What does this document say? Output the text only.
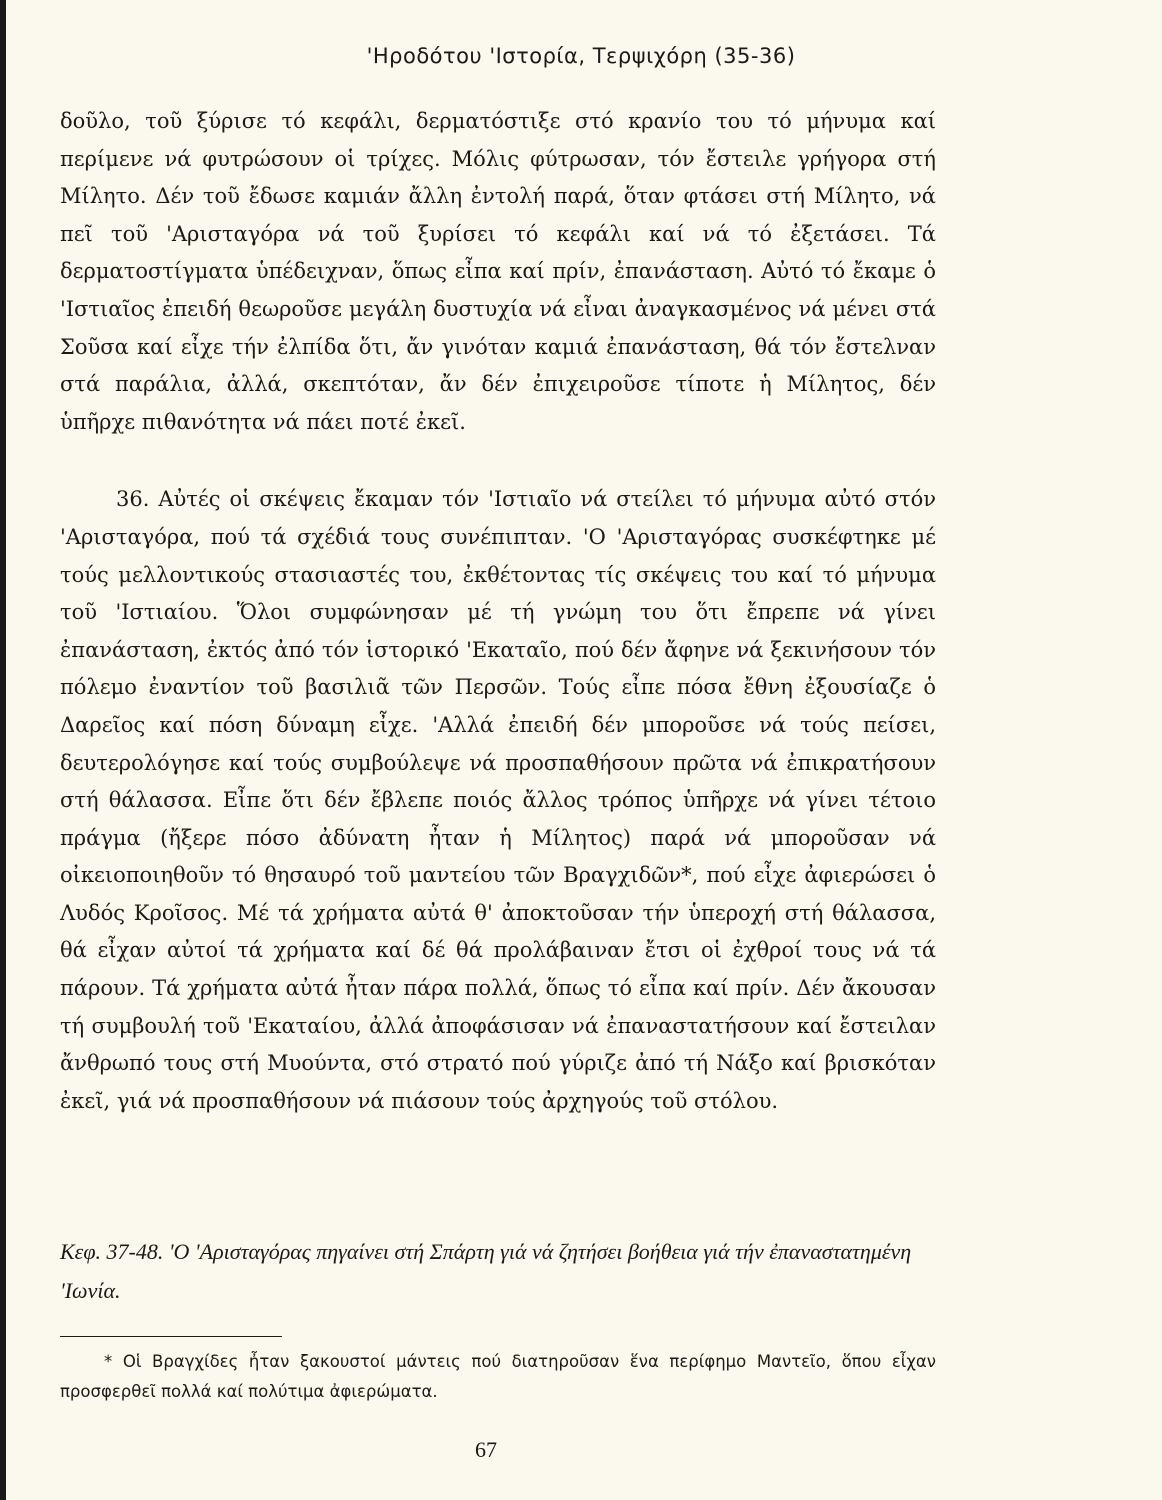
'Ηροδότου 'Ιστορία, Τερψιχόρη (35-36)

δοῦλο, τοῦ ξύρισε τό κεφάλι, δερματόστιξε στό κρανίο του τό μήνυμα καί περίμενε νά φυτρώσουν οἱ τρίχες. Μόλις φύτρωσαν, τόν ἔστειλε γρήγορα στή Μίλητο. Δέν τοῦ ἔδωσε καμιάν ἄλλη ἐντολή παρά, ὅταν φτάσει στή Μίλητο, νά πεῖ τοῦ 'Αρισταγόρα νά τοῦ ξυρίσει τό κεφάλι καί νά τό ἐξετάσει. Τά δερματοστίγματα ὑπέδειχναν, ὅπως εἶπα καί πρίν, ἐπανάσταση. Αὐτό τό ἔκαμε ὁ 'Ιστιαῖος ἐπειδή θεωροῦσε μεγάλη δυστυχία νά εἶναι ἀναγκασμένος νά μένει στά Σοῦσα καί εἶχε τήν ἐλπίδα ὅτι, ἄν γινόταν καμιά ἐπανάσταση, θά τόν ἔστελναν στά παράλια, ἀλλά, σκεπτόταν, ἄν δέν ἐπιχειροῦσε τίποτε ἡ Μίλητος, δέν ὑπῆρχε πιθανότητα νά πάει ποτέ ἐκεῖ.

36. Αὐτές οἱ σκέψεις ἔκαμαν τόν 'Ιστιαῖο νά στείλει τό μήνυμα αὐτό στόν 'Αρισταγόρα, πού τά σχέδιά τους συνέπιπταν. 'Ο 'Αρισταγόρας συσκέφτηκε μέ τούς μελλοντικούς στασιαστές του, ἐκθέτοντας τίς σκέψεις του καί τό μήνυμα τοῦ 'Ιστιαίου. Ὅλοι συμφώνησαν μέ τή γνώμη του ὅτι ἔπρεπε νά γίνει ἐπανάσταση, ἐκτός ἀπό τόν ἱστορικό 'Εκαταῖο, πού δέν ἄφηνε νά ξεκινήσουν τόν πόλεμο ἐναντίον τοῦ βασιλιᾶ τῶν Περσῶν. Τούς εἶπε πόσα ἔθνη ἐξουσίαζε ὁ Δαρεῖος καί πόση δύναμη εἶχε. 'Αλλά ἐπειδή δέν μποροῦσε νά τούς πείσει, δευτερολόγησε καί τούς συμβούλεψε νά προσπαθήσουν πρῶτα νά ἐπικρατήσουν στή θάλασσα. Εἶπε ὅτι δέν ἔβλεπε ποιός ἄλλος τρόπος ὑπῆρχε νά γίνει τέτοιο πράγμα (ἤξερε πόσο ἀδύνατη ἦταν ἡ Μίλητος) παρά νά μποροῦσαν νά οἰκειοποιηθοῦν τό θησαυρό τοῦ μαντείου τῶν Βραγχιδῶν*, πού εἶχε ἀφιερώσει ὁ Λυδός Κροῖσος. Μέ τά χρήματα αὐτά θ' ἀποκτοῦσαν τήν ὑπεροχή στή θάλασσα, θά εἶχαν αὐτοί τά χρήματα καί δέ θά προλάβαιναν ἔτσι οἱ ἐχθροί τους νά τά πάρουν. Τά χρήματα αὐτά ἦταν πάρα πολλά, ὅπως τό εἶπα καί πρίν. Δέν ἄκουσαν τή συμβουλή τοῦ 'Εκαταίου, ἀλλά ἀποφάσισαν νά ἐπαναστατήσουν καί ἔστειλαν ἄνθρωπό τους στή Μυούντα, στό στρατό πού γύριζε ἀπό τή Νάξο καί βρισκόταν ἐκεῖ, γιά νά προσπαθήσουν νά πιάσουν τούς ἀρχηγούς τοῦ στόλου.

Κεφ. 37-48. 'Ο 'Αρισταγόρας πηγαίνει στή Σπάρτη γιά νά ζητήσει βοήθεια γιά τήν ἐπαναστατημένη 'Ιωνία.
* Οἱ Βραγχίδες ἦταν ξακουστοί μάντεις πού διατηροῦσαν ἕνα περίφημο Μαντεῖο, ὅπου εἶχαν προσφερθεῖ πολλά καί πολύτιμα ἀφιερώματα.
67
